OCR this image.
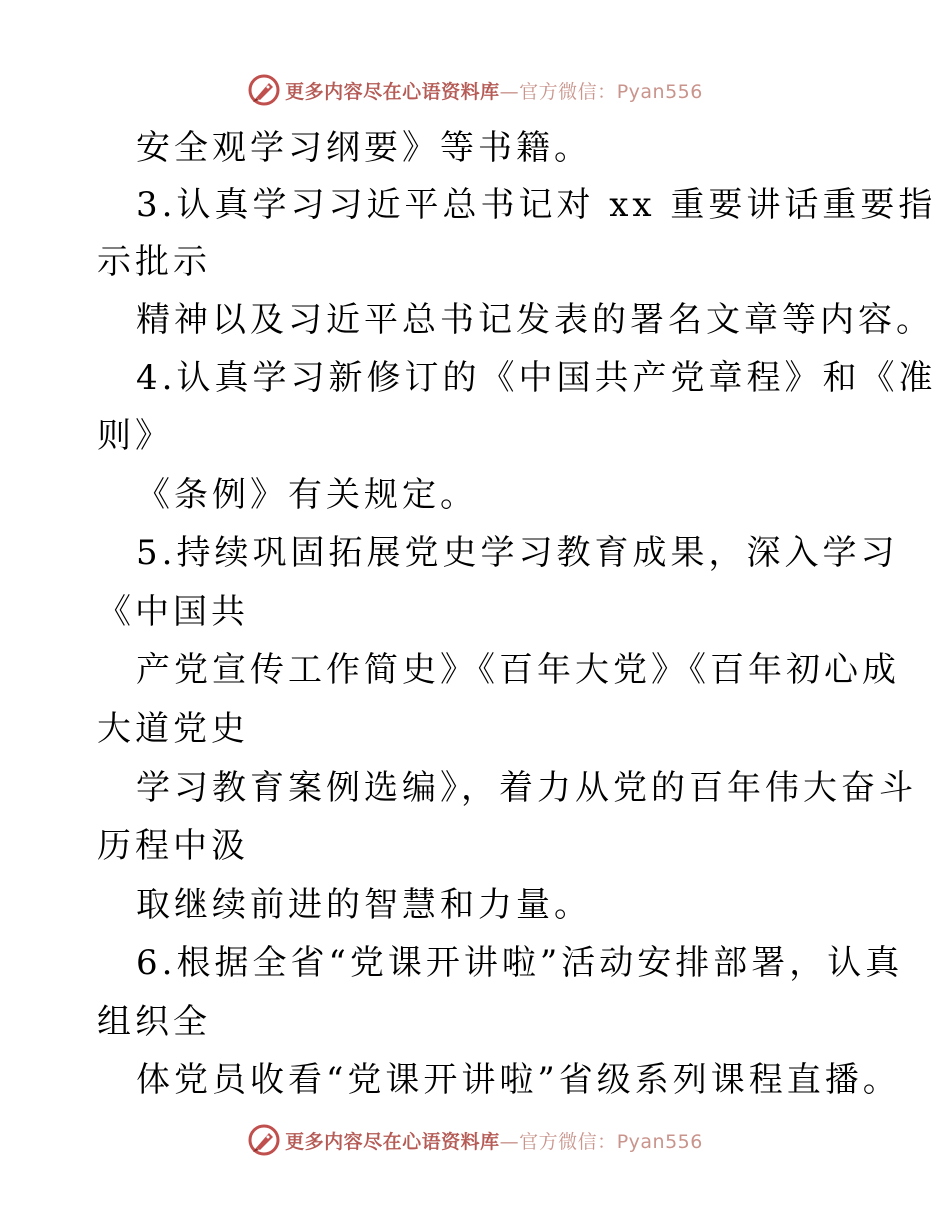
更多内容尽在心语资料库—官方微信：Pyan556
安全观学习纲要》等书籍。
3.认真学习习近平总书记对 xx 重要讲话重要指
示批示
精神以及习近平总书记发表的署名文章等内容。
4.认真学习新修订的《中国共产党章程》和《准
则》
《条例》有关规定。
5.持续巩固拓展党史学习教育成果，深入学习
《中国共
产党宣传工作简史》《百年大党》《百年初心成
大道党史
学习教育案例选编》，着力从党的百年伟大奋斗
历程中汲
取继续前进的智慧和力量。
6.根据全省“党课开讲啦”活动安排部署，认真
组织全
体党员收看“党课开讲啦”省级系列课程直播。
更多内容尽在心语资料库—官方微信：Pyan556
